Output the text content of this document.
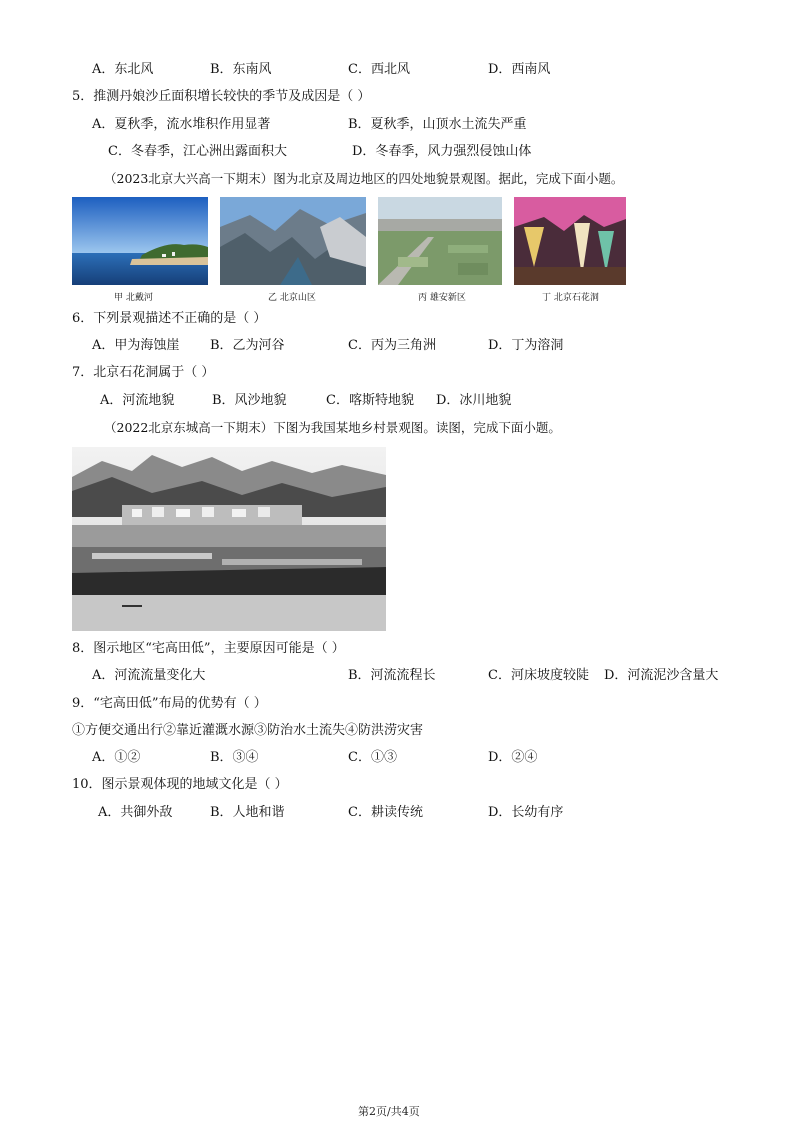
A．东北风	B．东南风	C．西北风	D．西南风
5．推测丹娘沙丘面积增长较快的季节及成因是（ ）
A．夏秋季，流水堆积作用显著	B．夏秋季，山顶水土流失严重
C．冬春季，江心洲出露面积大	D．冬春季，风力强烈侵蚀山体
（2023北京大兴高一下期末）图为北京及周边地区的四处地貌景观图。据此，完成下面小题。
甲 北戴河	乙 北京山区	丙 雄安新区	丁 北京石花洞
6．下列景观描述不正确的是（ ）
A．甲为海蚀崖 B．乙为河谷	C．丙为三角洲	D．丁为溶洞
7．北京石花洞属于（ ）
A．河流地貌	B．风沙地貌	C．喀斯特地貌 D．冰川地貌
（2022北京东城高一下期末）下图为我国某地乡村景观图。读图，完成下面小题。
8．图示地区“宅高田低”，主要原因可能是（ ）
A．河流流量变化大	B．河流流程长	C．河床坡度较陡 D．河流泥沙含量大
9．“宅高田低”布局的优势有（ ）
①方便交通出行②靠近灌溉水源③防治水土流失④防洪涝灾害
A．①②	B．③④	C．①③	D．②④
10．图示景观体现的地域文化是（ ）
A．共御外敌	B．人地和谐	C．耕读传统	D．长幼有序
第2页/共4页
